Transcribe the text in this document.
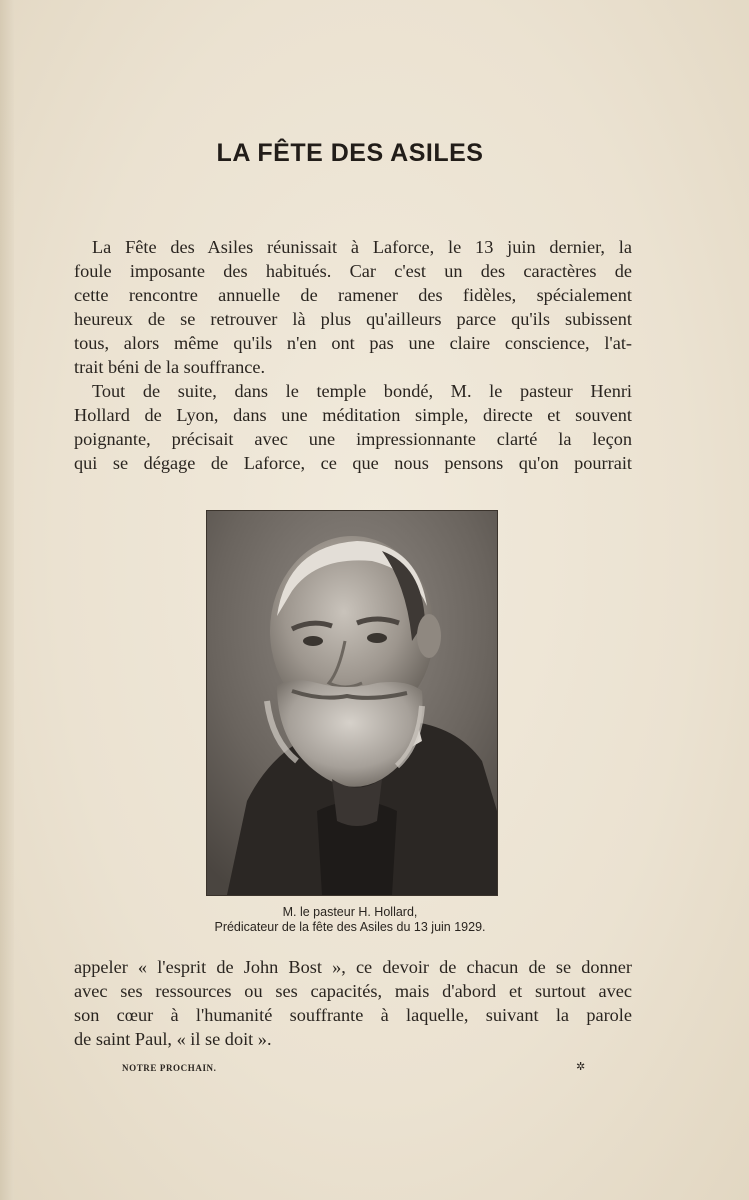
LA FÊTE DES ASILES
La Fête des Asiles réunissait à Laforce, le 13 juin dernier, la
foule imposante des habitués. Car c'est un des caractères de
cette rencontre annuelle de ramener des fidèles, spécialement
heureux de se retrouver là plus qu'ailleurs parce qu'ils subissent
tous, alors même qu'ils n'en ont pas une claire conscience, l'at-
trait béni de la souffrance.
Tout de suite, dans le temple bondé, M. le pasteur Henri
Hollard de Lyon, dans une méditation simple, directe et souvent
poignante, précisait avec une impressionnante clarté la leçon
qui se dégage de Laforce, ce que nous pensons qu'on pourrait
M. le pasteur H. Hollard,
Prédicateur de la fête des Asiles du 13 juin 1929.
appeler « l'esprit de John Bost », ce devoir de chacun de se donner
avec ses ressources ou ses capacités, mais d'abord et surtout avec
son cœur à l'humanité souffrante à laquelle, suivant la parole
de saint Paul, « il se doit ».
NOTRE PROCHAIN.	✲
